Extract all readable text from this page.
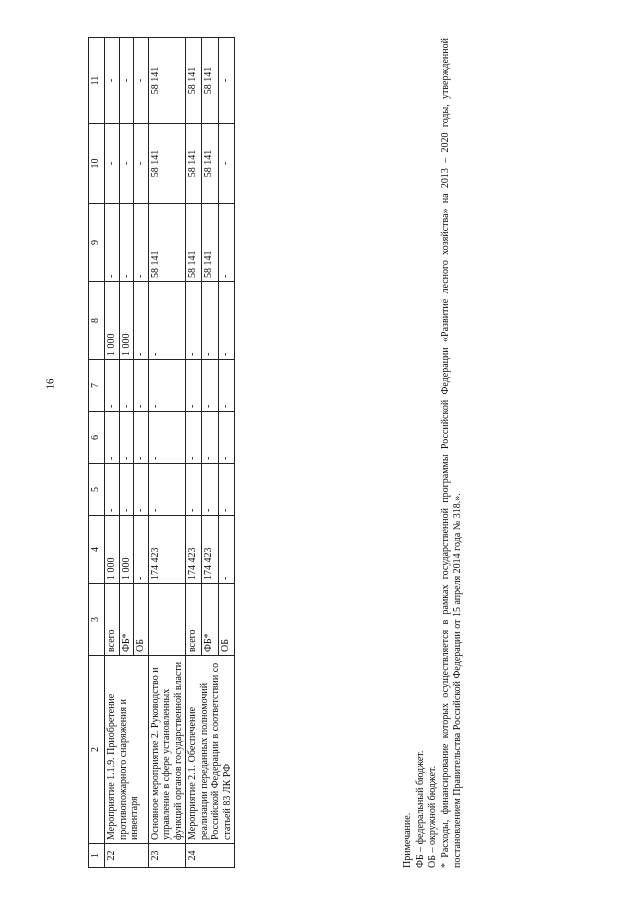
16
1	2	3	4	5	6	7	8	9	10	11
22	Мероприятие 1.1.9. Приобретение противопожарного снаряжения и инвентаря	всего	1 000	-	-	-	1 000	-	-	-
		ФБ*	1 000	-	-	-	1 000	-	-	-
		ОБ	-	-	-	-	-	-	-	-
23	Основное мероприятие 2. Руководство и управление в сфере установленных функций органов государственной власти		174 423	-	-	-	-	58 141	58 141	58 141
24	Мероприятие 2.1. Обеспечение реализации переданных полномочий Российской Федерации в соответствии со статьей 83 ЛК РФ	всего	174 423	-	-	-	-	58 141	58 141	58 141
		ФБ*	174 423	-	-	-	-	58 141	58 141	58 141
		ОБ	-	-	-	-	-	-	-	-
Примечание. ФБ – федеральный бюджет. ОБ – окружной бюджет. * Расходы, финансирование которых осуществляется в рамках государственной программы Российской Федерации «Развитие лесного хозяйства» на 2013 – 2020 годы, утвержденной постановлением Правительства Российской Федерации от 15 апреля 2014 года № 318.».
